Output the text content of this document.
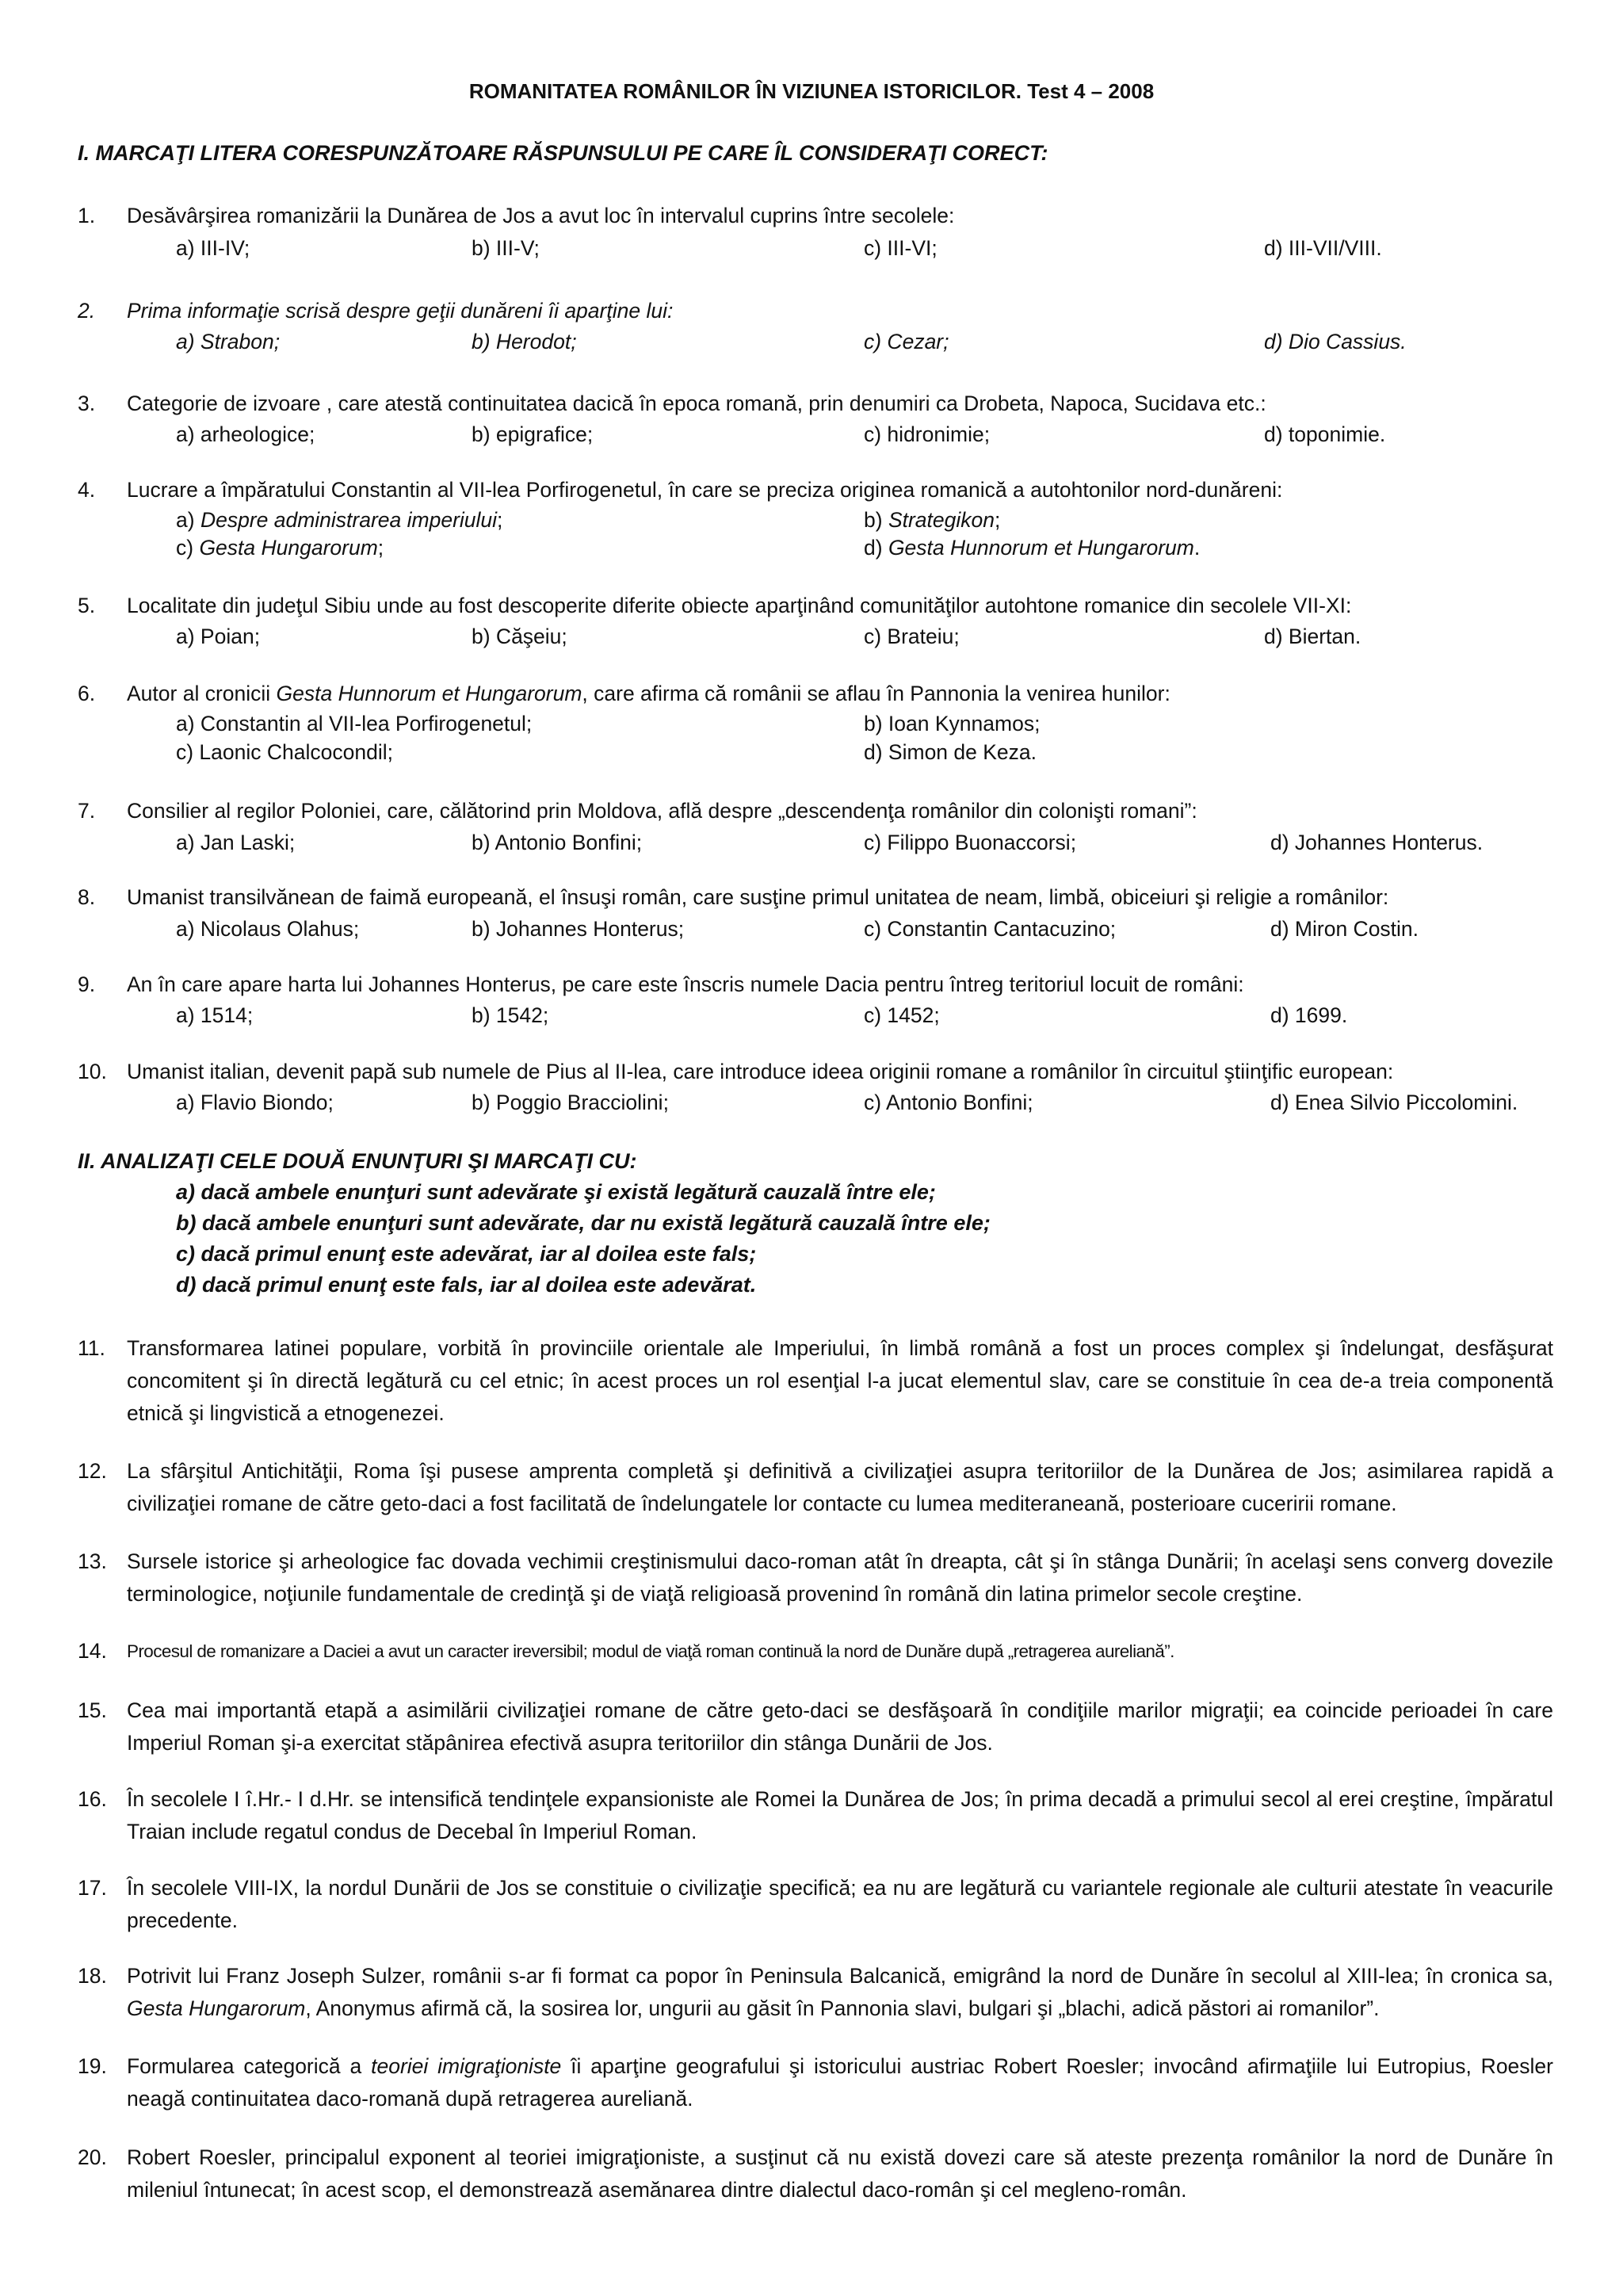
ROMANITATEA ROMÂNILOR ÎN VIZIUNEA ISTORICILOR. Test 4 – 2008
I. MARCAŢI LITERA CORESPUNZĂTOARE RĂSPUNSULUI PE CARE ÎL CONSIDERAŢI CORECT:
1.	Desăvârşirea romanizării la Dunărea de Jos a avut loc în intervalul cuprins între secolele:
a) III-IV;	b) III-V;	c) III-VI;	d) III-VII/VIII.
2.	Prima informaţie scrisă despre geţii dunăreni îi aparţine lui:
a) Strabon;	b) Herodot;	c) Cezar;	d) Dio Cassius.
3.	Categorie de izvoare , care atestă continuitatea dacică în epoca romană, prin denumiri ca Drobeta, Napoca, Sucidava etc.:
a) arheologice;	b) epigrafice;	c) hidronimie;	d) toponimie.
4.	Lucrare a împăratului Constantin al VII-lea Porfirogenetul, în care se preciza originea romanică a autohtonilor nord-dunăreni:
a) Despre administrarea imperiului;	b) Strategikon;
c) Gesta Hungarorum;	d) Gesta Hunnorum et Hungarorum.
5.	Localitate din judeţul Sibiu unde au fost descoperite diferite obiecte aparţinând comunităţilor autohtone romanice din secolele VII-XI:
a) Poian;	b) Căşeiu;	c) Brateiu;	d) Biertan.
6.	Autor al cronicii Gesta Hunnorum et Hungarorum, care afirma că românii se aflau în Pannonia la venirea hunilor:
a) Constantin al VII-lea Porfirogenetul;	b) Ioan Kynnamos;
c) Laonic Chalcocondil;	d) Simon de Keza.
7.	Consilier al regilor Poloniei, care, călătorind prin Moldova, află despre „descendenţa românilor din colonişti romani”:
a) Jan Laski;	b) Antonio Bonfini;	c) Filippo Buonaccorsi;	d) Johannes Honterus.
8.	Umanist transilvănean de faimă europeană, el însuşi român, care susţine primul unitatea de neam, limbă, obiceiuri şi religie a românilor:
a) Nicolaus Olahus;	b) Johannes Honterus;	c) Constantin Cantacuzino;	d) Miron Costin.
9.	An în care apare harta lui Johannes Honterus, pe care este înscris numele Dacia pentru întreg teritoriul locuit de români:
a) 1514;	b) 1542;	c) 1452;	d) 1699.
10. Umanist italian, devenit papă sub numele de Pius al II-lea, care introduce ideea originii romane a românilor în circuitul ştiinţific european:
a) Flavio Biondo;	b) Poggio Bracciolini;	c) Antonio Bonfini;	d) Enea Silvio Piccolomini.
II. ANALIZAŢI CELE DOUĂ ENUNŢURI ŞI MARCAŢI CU:
a) dacă ambele enunţuri sunt adevărate şi există legătură cauzală între ele;
b) dacă ambele enunţuri sunt adevărate, dar nu există legătură cauzală între ele;
c) dacă primul enunţ este adevărat, iar al doilea este fals;
d) dacă primul enunţ este fals, iar al doilea este adevărat.
11. Transformarea latinei populare, vorbită în provinciile orientale ale Imperiului, în limbă română a fost un proces complex şi îndelungat, desfăşurat concomitent şi în directă legătură cu cel etnic; în acest proces un rol esenţial l-a jucat elementul slav, care se constituie în cea de-a treia componentă etnică şi lingvistică a etnogenezei.
12. La sfârşitul Antichităţii, Roma îşi pusese amprenta completă şi definitivă a civilizaţiei asupra teritoriilor de la Dunărea de Jos; asimilarea rapidă a civilizaţiei romane de către geto-daci a fost facilitată de îndelungatele lor contacte cu lumea mediteraneană, posterioare cuceririi romane.
13. Sursele istorice şi arheologice fac dovada vechimii creştinismului daco-roman atât în dreapta, cât şi în stânga Dunării; în acelaşi sens converg dovezile terminologice, noţiunile fundamentale de credinţă şi de viaţă religioasă provenind în română din latina primelor secole creştine.
14. Procesul de romanizare a Daciei a avut un caracter ireversibil; modul de viaţă roman continuă la nord de Dunăre după „retragerea aureliană”.
15. Cea mai importantă etapă a asimilării civilizaţiei romane de către geto-daci se desfăşoară în condiţiile marilor migraţii; ea coincide perioadei în care Imperiul Roman şi-a exercitat stăpânirea efectivă asupra teritoriilor din stânga Dunării de Jos.
16. În secolele I î.Hr.- I d.Hr. se intensifică tendinţele expansioniste ale Romei la Dunărea de Jos; în prima decadă a primului secol al erei creştine, împăratul Traian include regatul condus de Decebal în Imperiul Roman.
17. În secolele VIII-IX, la nordul Dunării de Jos se constituie o civilizaţie specifică; ea nu are legătură cu variantele regionale ale culturii atestate în veacurile precedente.
18. Potrivit lui Franz Joseph Sulzer, românii s-ar fi format ca popor în Peninsula Balcanică, emigrând la nord de Dunăre în secolul al XIII-lea; în cronica sa, Gesta Hungarorum, Anonymus afirmă că, la sosirea lor, ungurii au găsit în Pannonia slavi, bulgari şi „blachi, adică păstori ai romanilor”.
19. Formularea categorică a teoriei imigraţioniste îi aparţine geografului şi istoricului austriac Robert Roesler; invocând afirmaţiile lui Eutropius, Roesler neagă continuitatea daco-romană după retragerea aureliană.
20. Robert Roesler, principalul exponent al teoriei imigraţioniste, a susţinut că nu există dovezi care să ateste prezenţa românilor la nord de Dunăre în mileniul întunecat; în acest scop, el demonstrează asemănarea dintre dialectul daco-român şi cel megleno-român.
